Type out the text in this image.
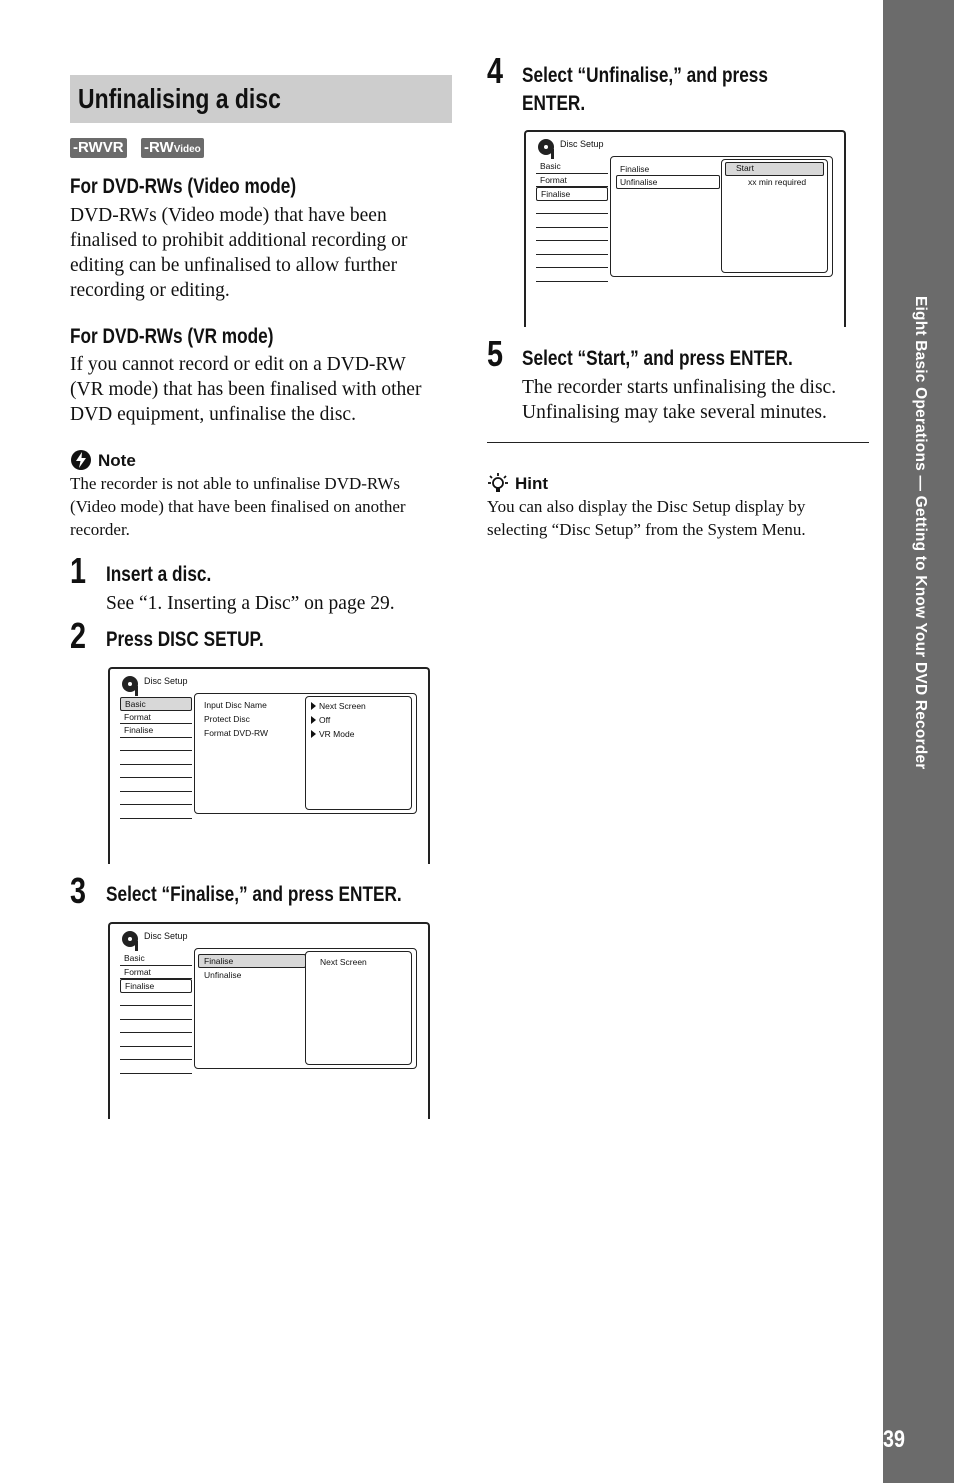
Eight Basic Operations — Getting to Know Your DVD Recorder
39
Unfinalising a disc
-RWVR -RWVideo
For DVD-RWs (Video mode)
DVD-RWs (Video mode) that have been
finalised to prohibit additional recording or
editing can be unfinalised to allow further
recording or editing.
For DVD-RWs (VR mode)
If you cannot record or edit on a DVD-RW
(VR mode) that has been finalised with other
DVD equipment, unfinalise the disc.
Note
The recorder is not able to unfinalise DVD-RWs
(Video mode) that have been finalised on another
recorder.
1 Insert a disc.
See “1. Inserting a Disc” on page 29.
2 Press DISC SETUP.
Disc Setup
Basic
Format
Finalise
Input Disc Name
Protect Disc
Format DVD-RW
Next Screen
Off
VR Mode
3 Select “Finalise,” and press ENTER.
Disc Setup
Basic
Format
Finalise
Finalise
Unfinalise
Next Screen
4 Select “Unfinalise,” and press
ENTER.
Disc Setup
Basic
Format
Finalise
Finalise
Unfinalise
Start
xx min required
5 Select “Start,” and press ENTER.
The recorder starts unfinalising the disc.
Unfinalising may take several minutes.
Hint
You can also display the Disc Setup display by
selecting “Disc Setup” from the System Menu.
